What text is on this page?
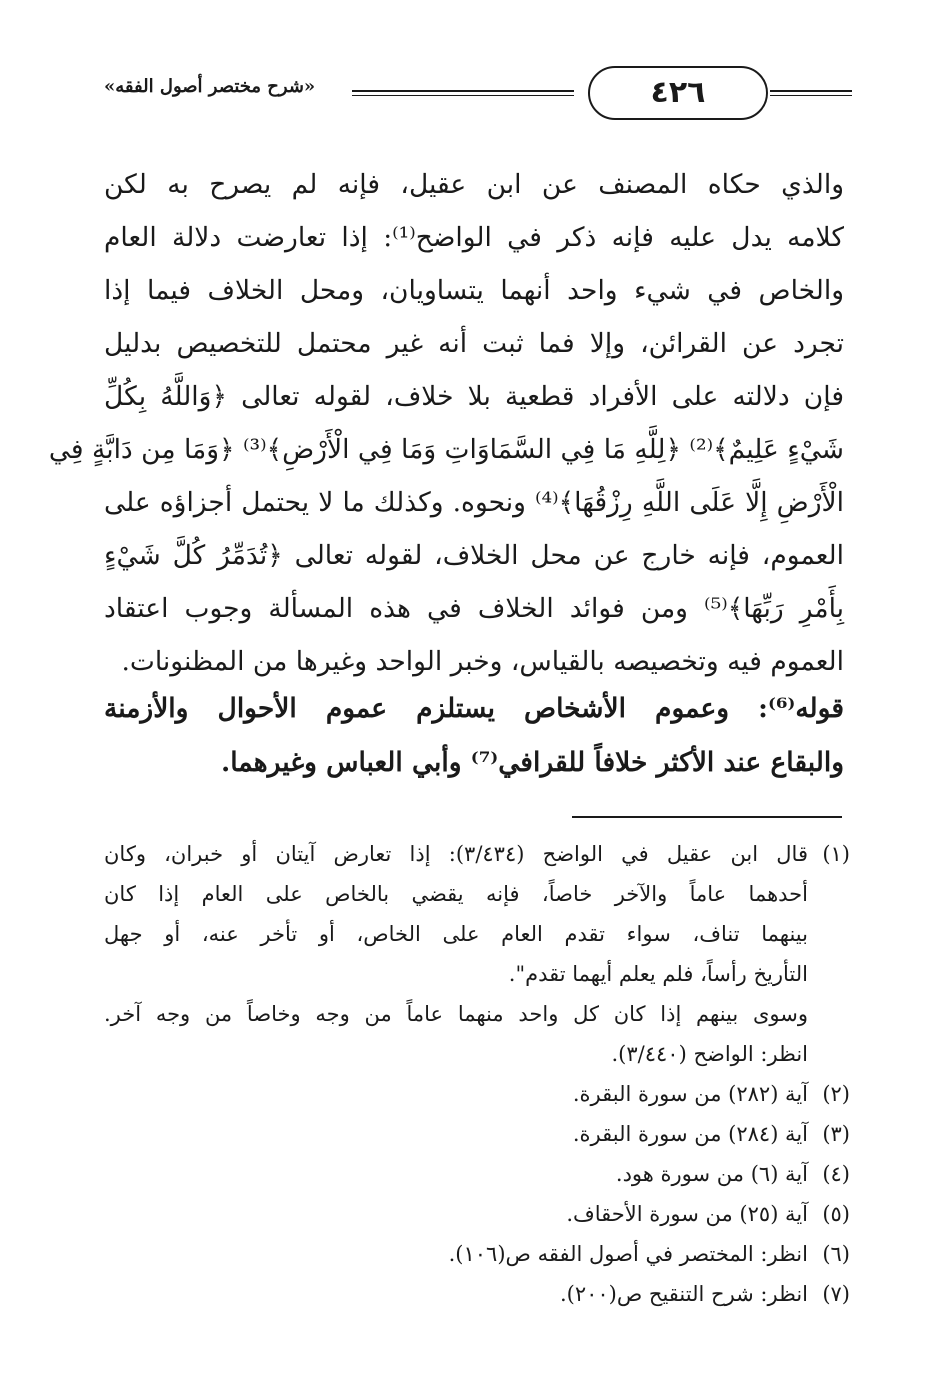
٤٢٦
«شرح مختصر أصول الفقه»
والذي حكاه المصنف عن ابن عقيل، فإنه لم يصرح به لكن
كلامه يدل عليه فإنه ذكر في الواضح⁽¹⁾: إذا تعارضت دلالة العام
والخاص في شيء واحد أنهما يتساويان، ومحل الخلاف فيما إذا
تجرد عن القرائن، وإلا فما ثبت أنه غير محتمل للتخصيص بدليل
فإن دلالته على الأفراد قطعية بلا خلاف، لقوله تعالى ﴿وَاللَّهُ بِكُلِّ
شَيْءٍ عَلِيمٌ﴾⁽²⁾ ﴿لِلَّهِ مَا فِي السَّمَاوَاتِ وَمَا فِي الْأَرْضِ﴾⁽³⁾ ﴿وَمَا مِن دَابَّةٍ فِي
الْأَرْضِ إِلَّا عَلَى اللَّهِ رِزْقُهَا﴾⁽⁴⁾ ونحوه. وكذلك ما لا يحتمل أجزاؤه على
العموم، فإنه خارج عن محل الخلاف، لقوله تعالى ﴿تُدَمِّرُ كُلَّ شَيْءٍ
بِأَمْرِ رَبِّهَا﴾⁽⁵⁾ ومن فوائد الخلاف في هذه المسألة وجوب اعتقاد
العموم فيه وتخصيصه بالقياس، وخبر الواحد وغيرها من المظنونات.
قوله⁽⁶⁾: وعموم الأشخاص يستلزم عموم الأحوال والأزمنة
والبقاع عند الأكثر خلافاً للقرافي⁽⁷⁾ وأبي العباس وغيرهما.
(١)قال ابن عقيل في الواضح (٣/٤٣٤): إذا تعارض آيتان أو خبران، وكان
أحدهما عاماً والآخر خاصاً، فإنه يقضي بالخاص على العام إذا كان
بينهما تناف، سواء تقدم العام على الخاص، أو تأخر عنه، أو جهل
التأريخ رأساً، فلم يعلم أيهما تقدم".
وسوى بينهم إذا كان كل واحد منهما عاماً من وجه وخاصاً من وجه آخر.
انظر: الواضح (٣/٤٤٠).
(٢)آية (٢٨٢) من سورة البقرة.
(٣)آية (٢٨٤) من سورة البقرة.
(٤)آية (٦) من سورة هود.
(٥)آية (٢٥) من سورة الأحقاف.
(٦)انظر: المختصر في أصول الفقه ص(١٠٦).
(٧)انظر: شرح التنقيح ص(٢٠٠).
